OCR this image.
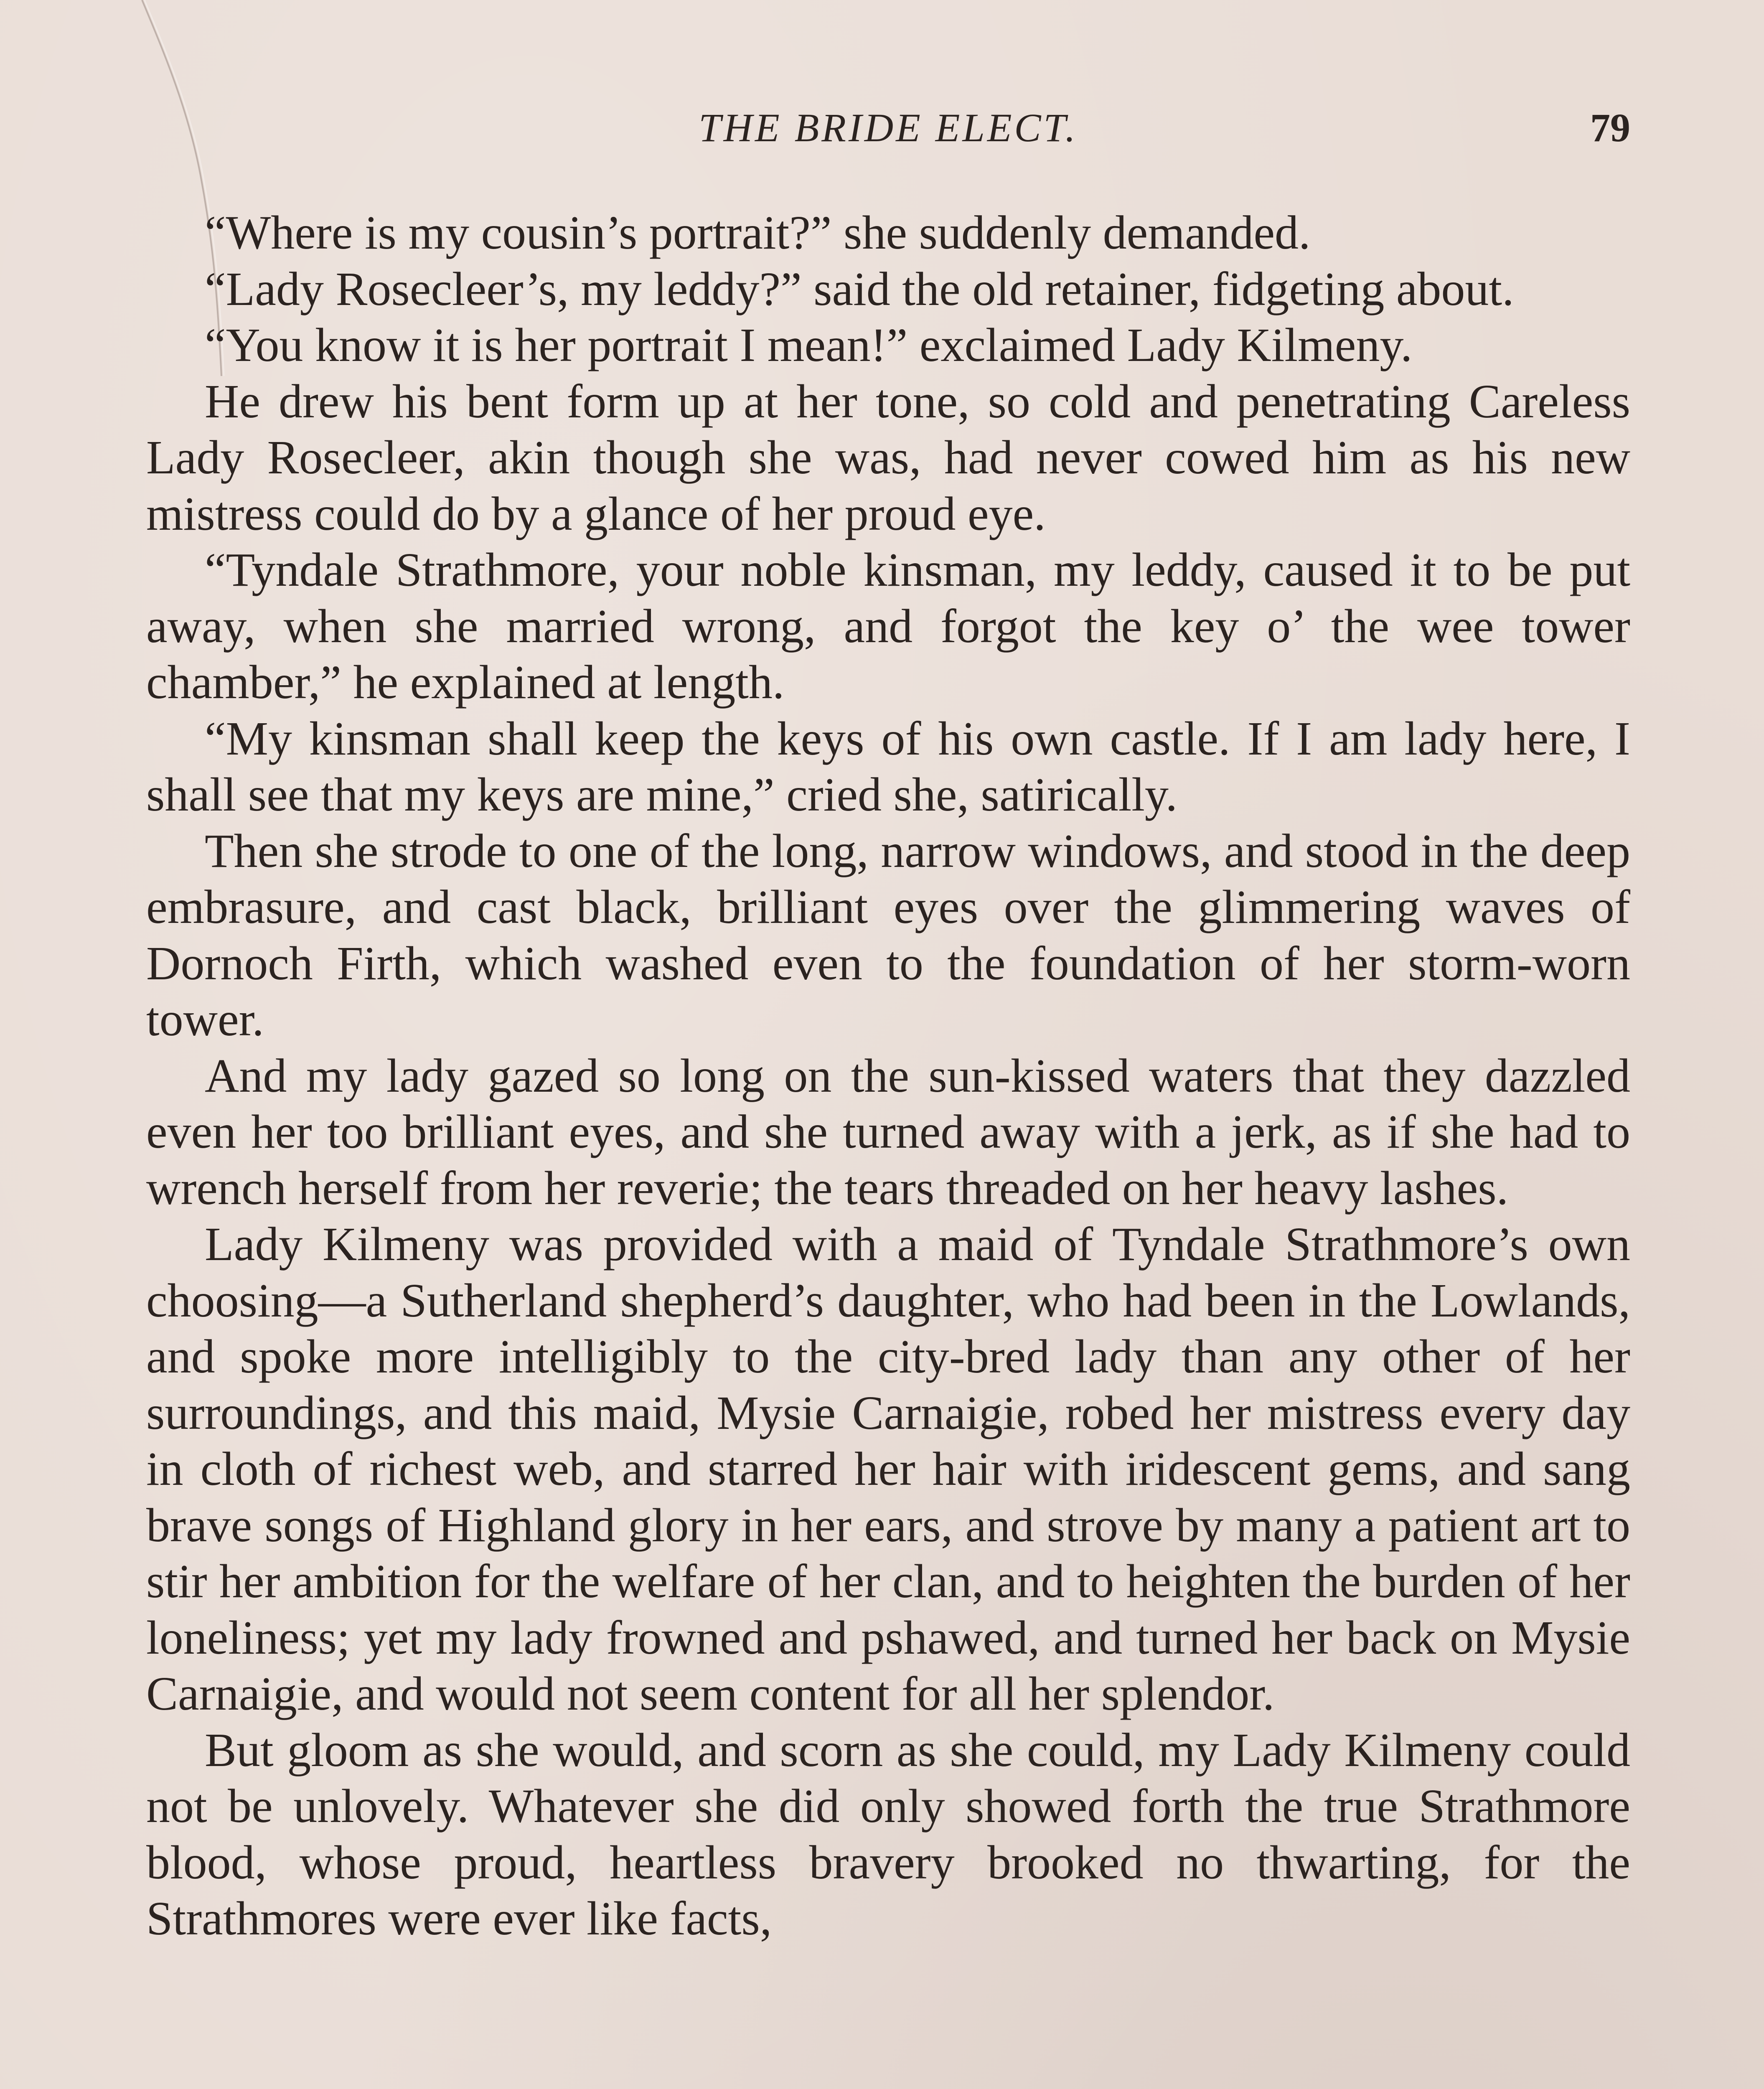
THE BRIDE ELECT.	79

“Where is my cousin’s portrait?” she suddenly demanded.

“Lady Rosecleer’s, my leddy?” said the old retainer, fidgeting about.

“You know it is her portrait I mean!” exclaimed Lady Kilmeny.

He drew his bent form up at her tone, so cold and penetrating Careless Lady Rosecleer, akin though she was, had never cowed him as his new mistress could do by a glance of her proud eye.

“Tyndale Strathmore, your noble kinsman, my leddy, caused it to be put away, when she married wrong, and forgot the key o’ the wee tower chamber,” he explained at length.

“My kinsman shall keep the keys of his own castle. If I am lady here, I shall see that my keys are mine,” cried she, satirically.

Then she strode to one of the long, narrow windows, and stood in the deep embrasure, and cast black, brilliant eyes over the glimmering waves of Dornoch Firth, which washed even to the foundation of her storm-worn tower.

And my lady gazed so long on the sun-kissed waters that they dazzled even her too brilliant eyes, and she turned away with a jerk, as if she had to wrench herself from her reverie; the tears threaded on her heavy lashes.

Lady Kilmeny was provided with a maid of Tyndale Strathmore’s own choosing—a Sutherland shepherd’s daughter, who had been in the Lowlands, and spoke more intelligibly to the city-bred lady than any other of her surroundings, and this maid, Mysie Carnaigie, robed her mistress every day in cloth of richest web, and starred her hair with iridescent gems, and sang brave songs of Highland glory in her ears, and strove by many a patient art to stir her ambition for the welfare of her clan, and to heighten the burden of her loneliness; yet my lady frowned and pshawed, and turned her back on Mysie Carnaigie, and would not seem content for all her splendor.

But gloom as she would, and scorn as she could, my Lady Kilmeny could not be unlovely. Whatever she did only showed forth the true Strathmore blood, whose proud, heartless bravery brooked no thwarting, for the Strathmores were ever like facts,
